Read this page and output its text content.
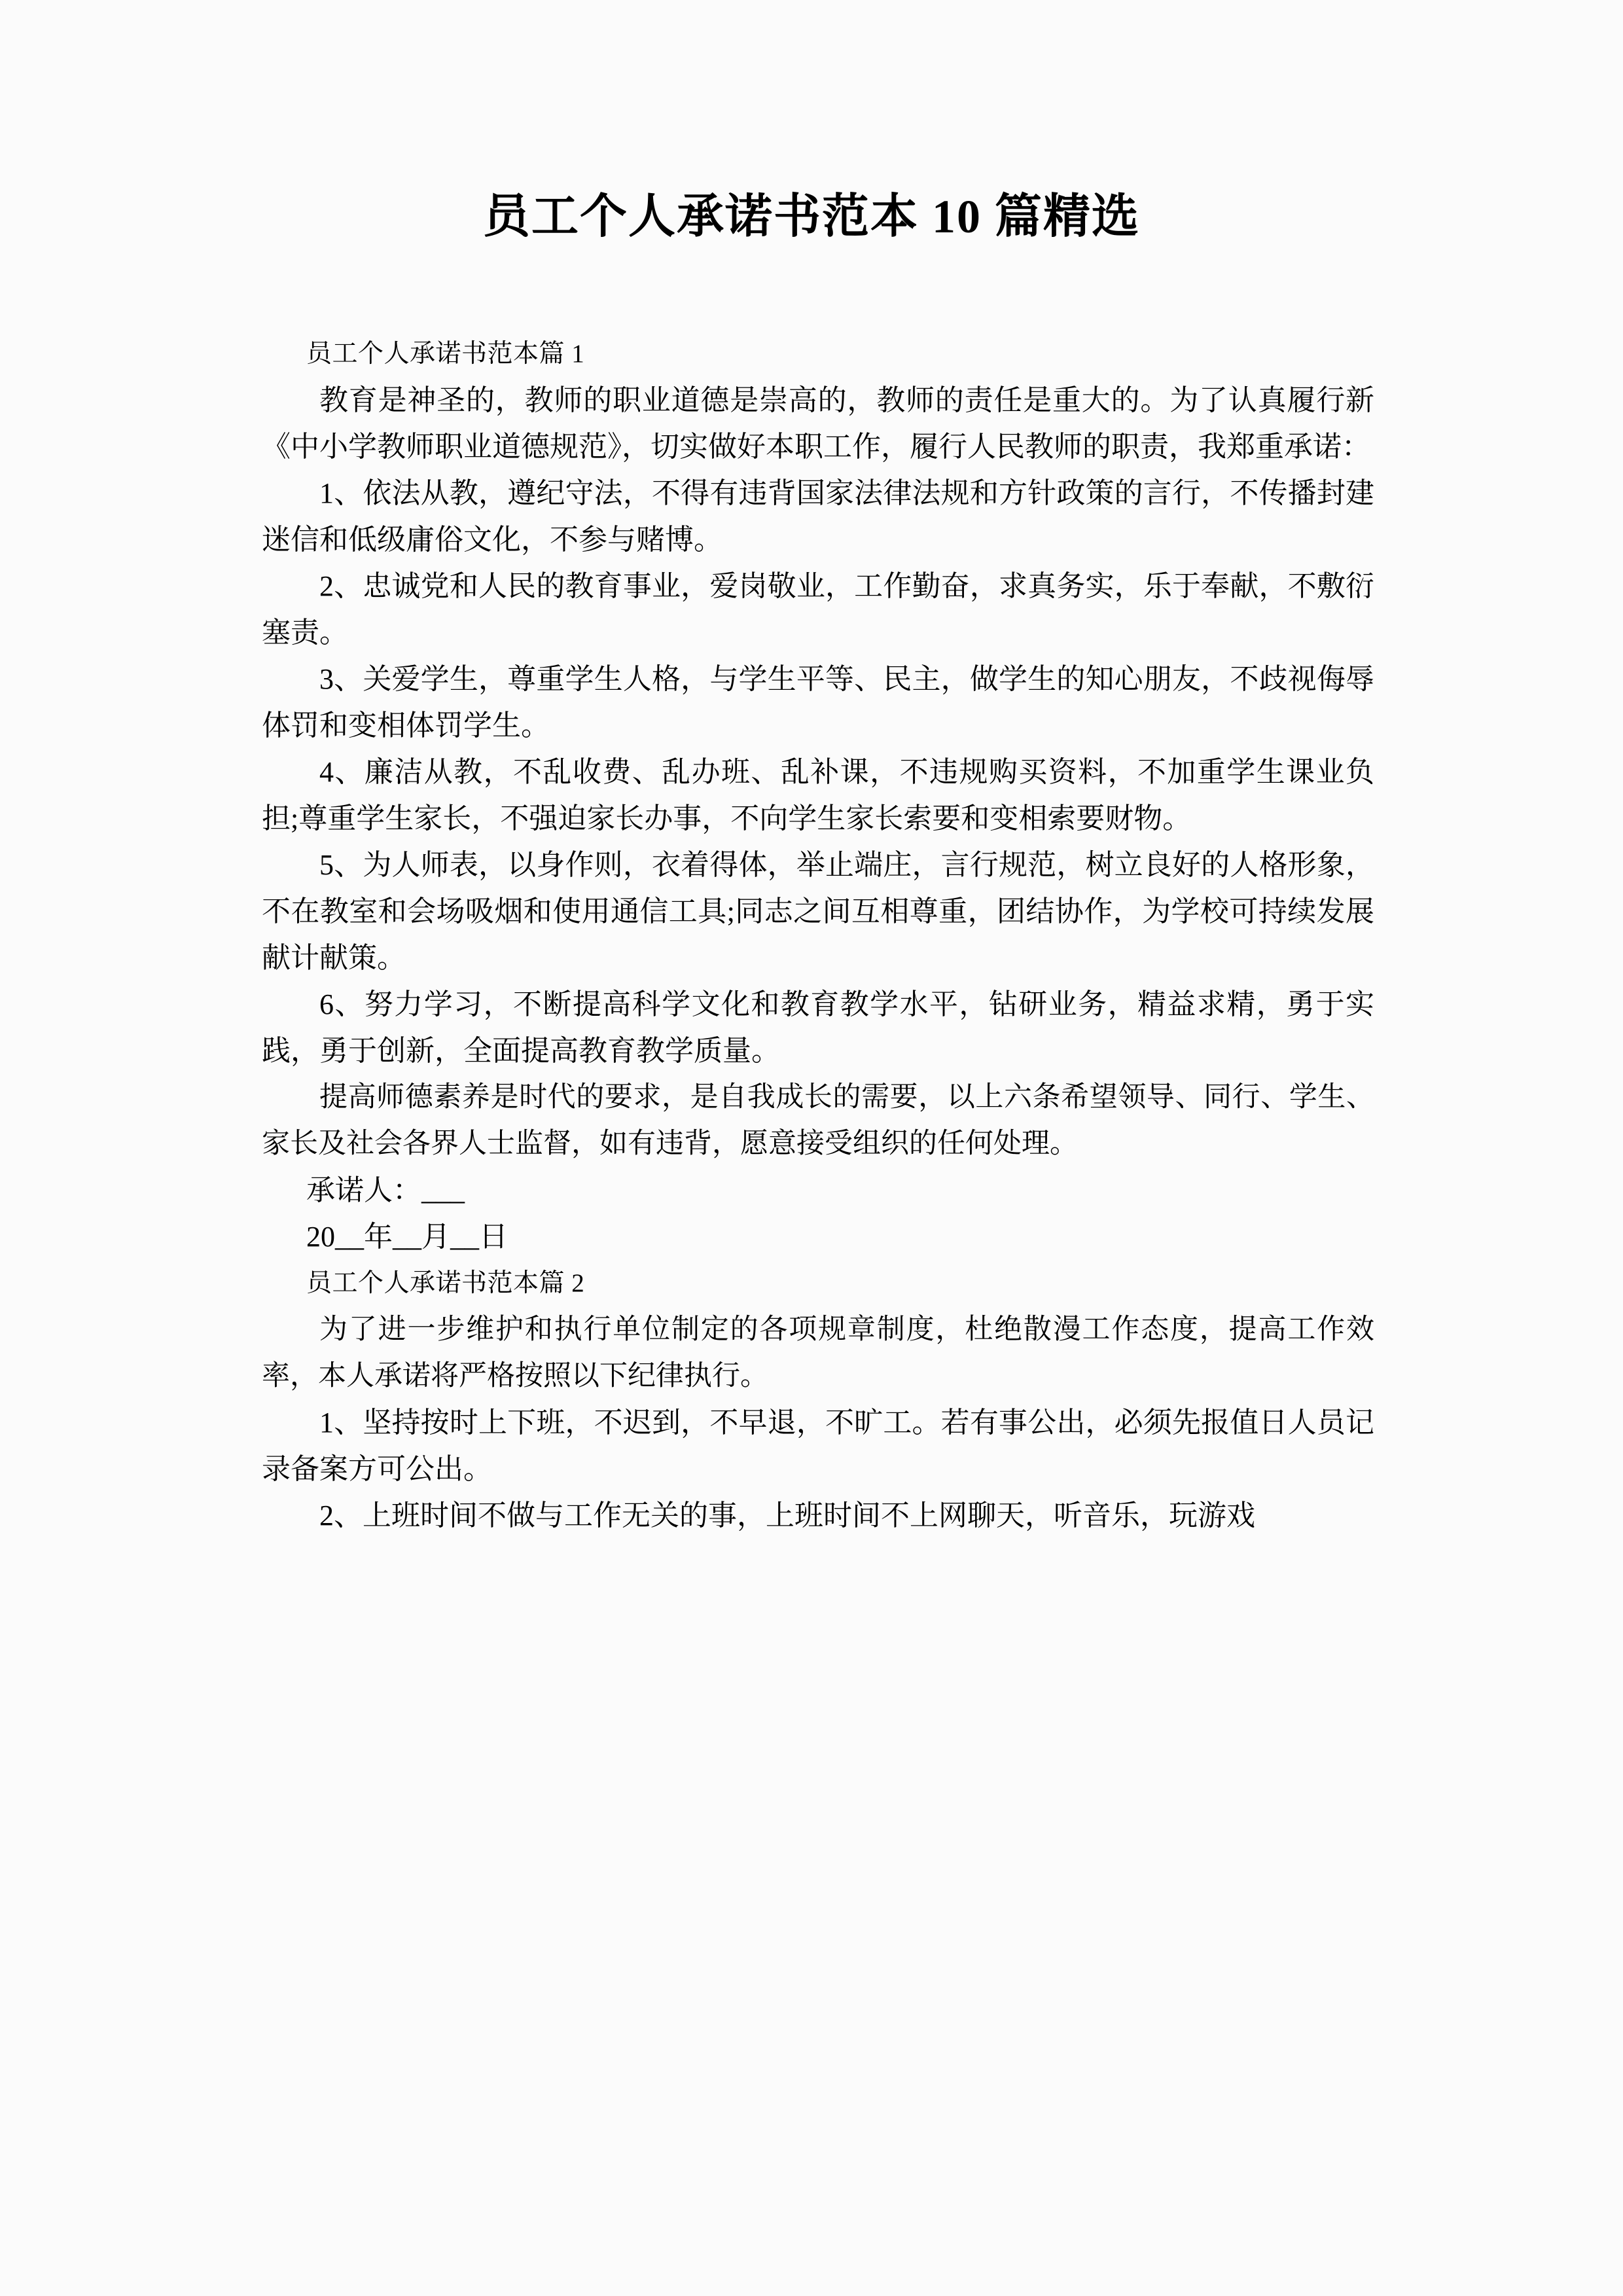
员工个人承诺书范本 10 篇精选
员工个人承诺书范本篇 1
教育是神圣的，教师的职业道德是崇高的，教师的责任是重大的。为了认真履行新《中小学教师职业道德规范》，切实做好本职工作，履行人民教师的职责，我郑重承诺：
1、依法从教，遵纪守法，不得有违背国家法律法规和方针政策的言行，不传播封建迷信和低级庸俗文化，不参与赌博。
2、忠诚党和人民的教育事业，爱岗敬业，工作勤奋，求真务实，乐于奉献，不敷衍塞责。
3、关爱学生，尊重学生人格，与学生平等、民主，做学生的知心朋友，不歧视侮辱体罚和变相体罚学生。
4、廉洁从教，不乱收费、乱办班、乱补课，不违规购买资料，不加重学生课业负担;尊重学生家长，不强迫家长办事，不向学生家长索要和变相索要财物。
5、为人师表，以身作则，衣着得体，举止端庄，言行规范，树立良好的人格形象，不在教室和会场吸烟和使用通信工具;同志之间互相尊重，团结协作，为学校可持续发展献计献策。
6、努力学习，不断提高科学文化和教育教学水平，钻研业务，精益求精，勇于实践，勇于创新，全面提高教育教学质量。
提高师德素养是时代的要求，是自我成长的需要，以上六条希望领导、同行、学生、家长及社会各界人士监督，如有违背，愿意接受组织的任何处理。
承诺人：___
20__年__月__日
员工个人承诺书范本篇 2
为了进一步维护和执行单位制定的各项规章制度，杜绝散漫工作态度，提高工作效率，本人承诺将严格按照以下纪律执行。
1、坚持按时上下班，不迟到，不早退，不旷工。若有事公出，必须先报值日人员记录备案方可公出。
2、上班时间不做与工作无关的事，上班时间不上网聊天，听音乐，玩游戏
